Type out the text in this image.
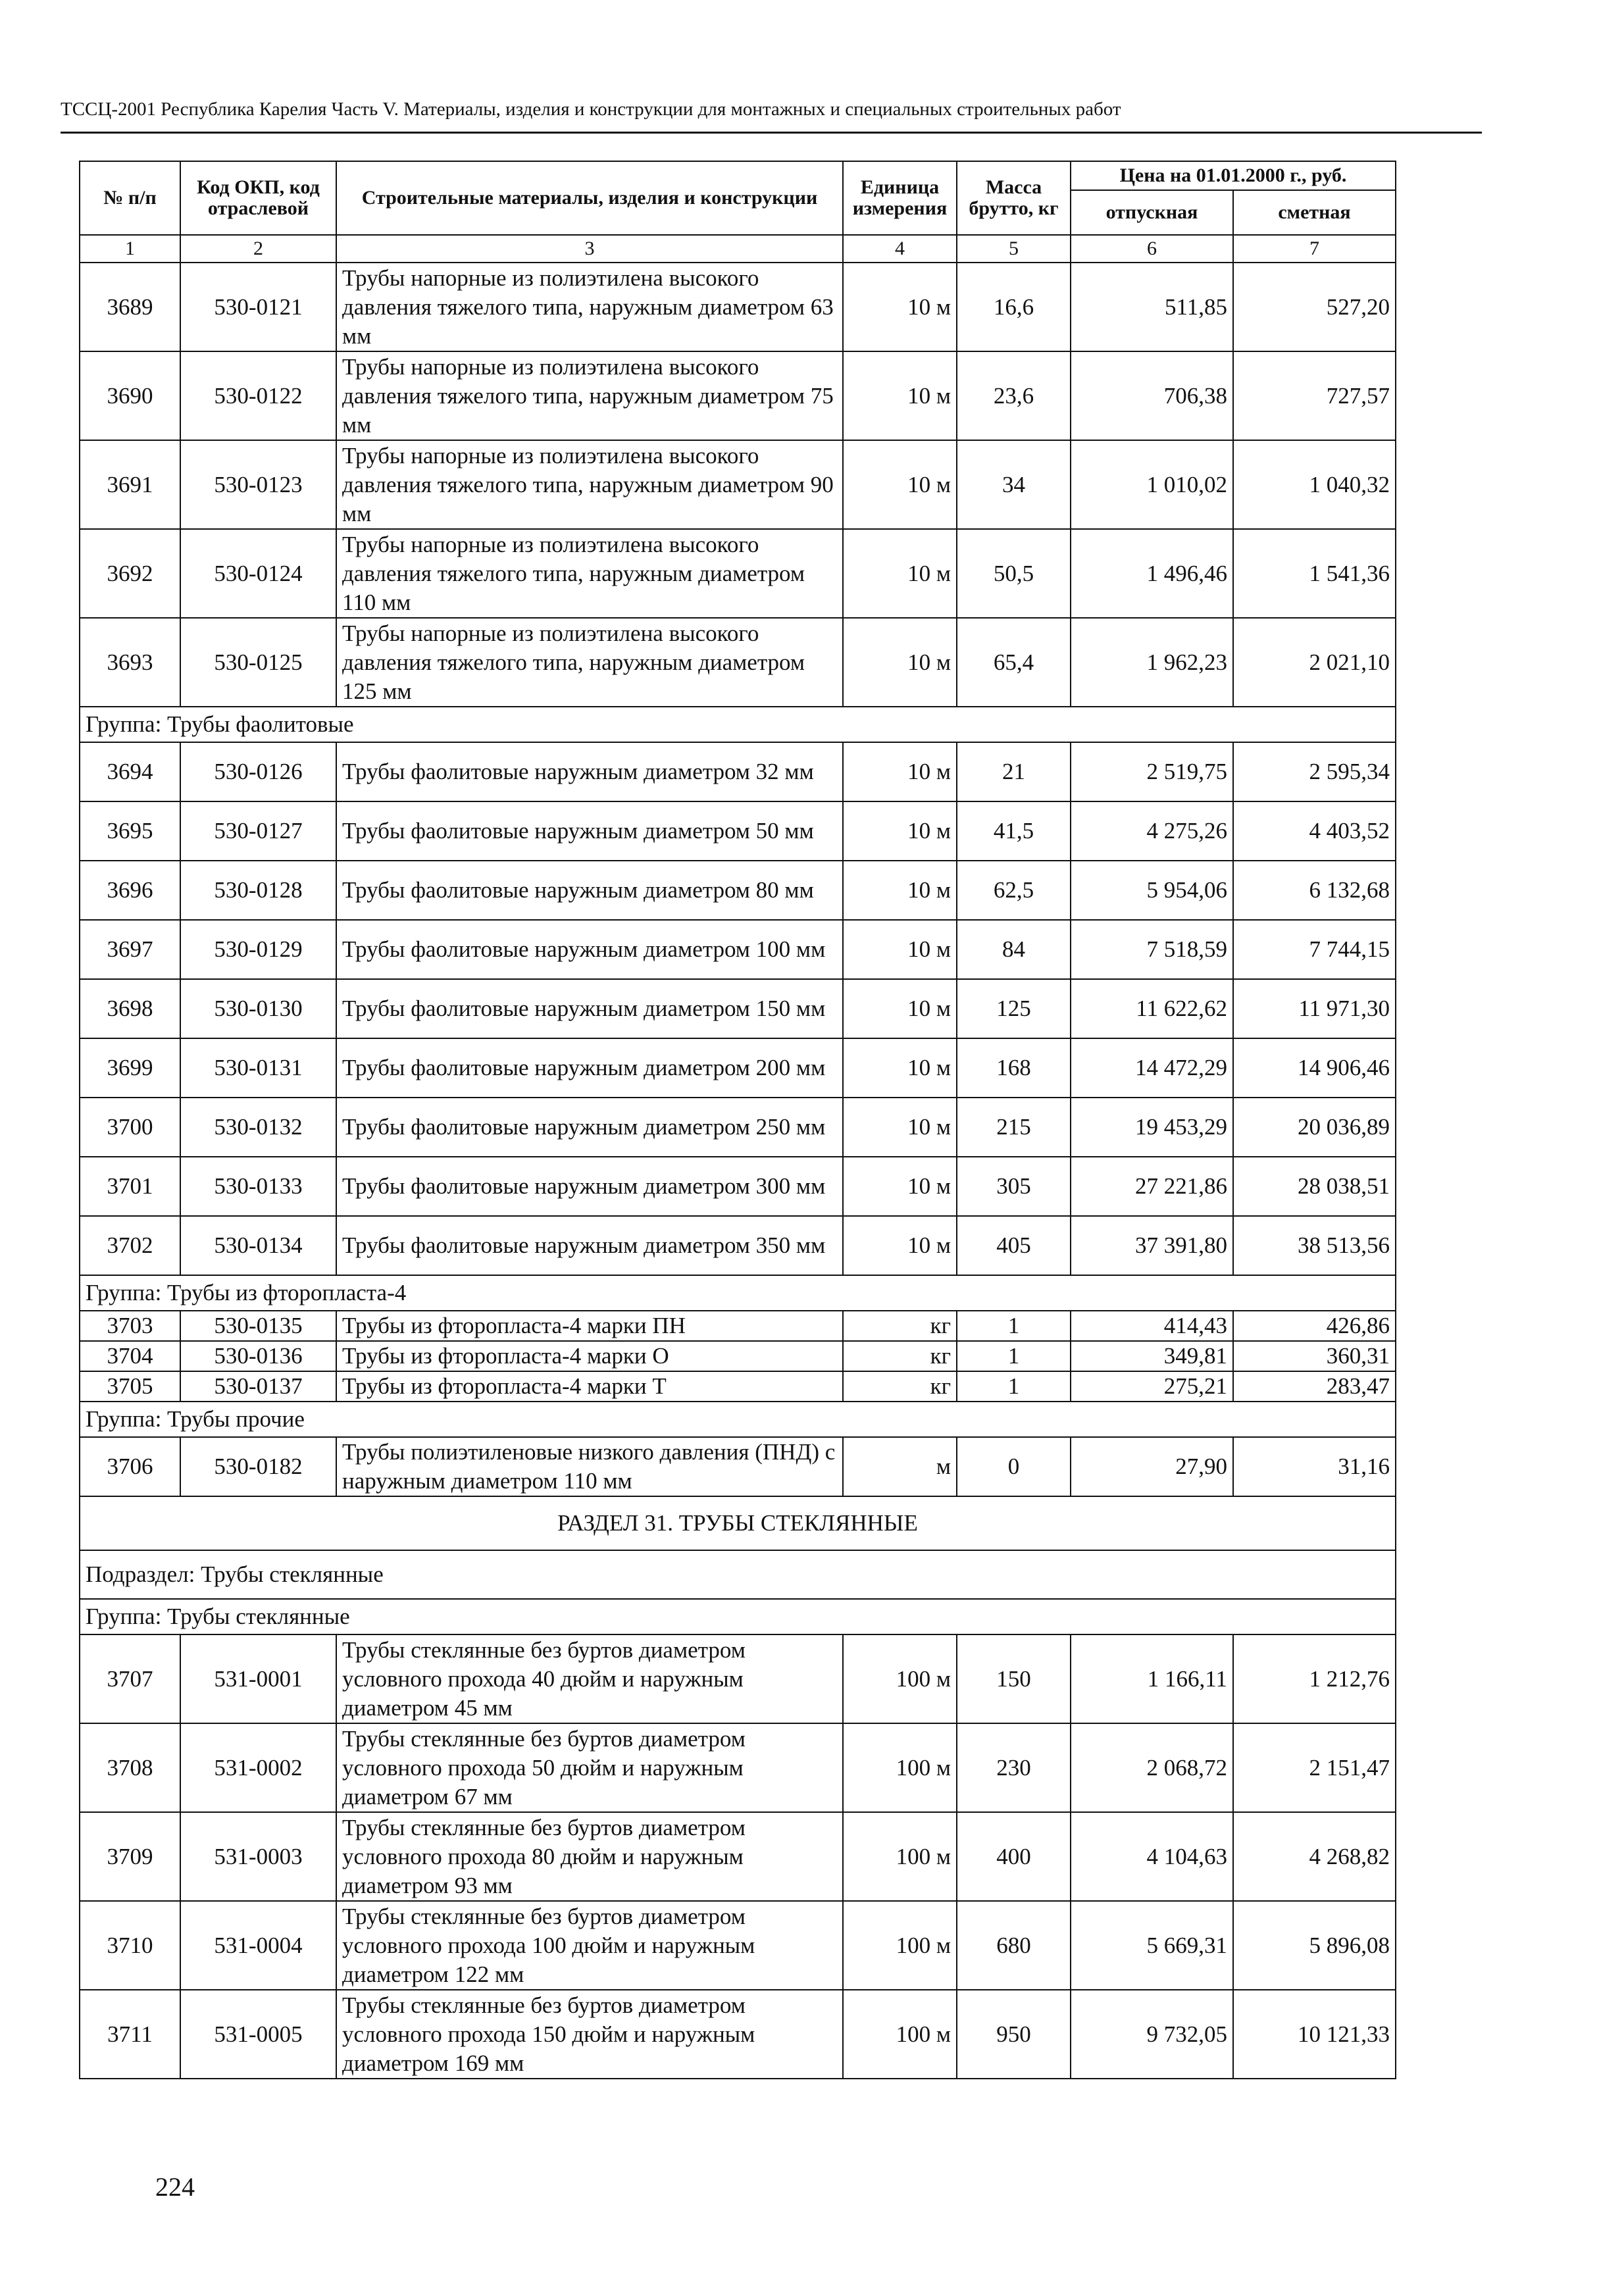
ТССЦ-2001 Республика Карелия Часть V. Материалы, изделия и конструкции для монтажных и специальных строительных работ
№ п/п	Код ОКП, код отраслевой	Строительные материалы, изделия и конструкции	Единица измерения	Масса брутто, кг	Цена на 01.01.2000 г., руб.	
					отпускная	сметная
1	2	3	4	5	6	7
3689	530-0121	Трубы напорные из полиэтилена высокого давления тяжелого типа, наружным диаметром 63 мм	10 м	16,6	511,85	527,20
3690	530-0122	Трубы напорные из полиэтилена высокого давления тяжелого типа, наружным диаметром 75 мм	10 м	23,6	706,38	727,57
3691	530-0123	Трубы напорные из полиэтилена высокого давления тяжелого типа, наружным диаметром 90 мм	10 м	34	1 010,02	1 040,32
3692	530-0124	Трубы напорные из полиэтилена высокого давления тяжелого типа, наружным диаметром 110 мм	10 м	50,5	1 496,46	1 541,36
3693	530-0125	Трубы напорные из полиэтилена высокого давления тяжелого типа, наружным диаметром 125 мм	10 м	65,4	1 962,23	2 021,10
Группа: Трубы фаолитовые						
3694	530-0126	Трубы фаолитовые наружным диаметром 32 мм	10 м	21	2 519,75	2 595,34
3695	530-0127	Трубы фаолитовые наружным диаметром 50 мм	10 м	41,5	4 275,26	4 403,52
3696	530-0128	Трубы фаолитовые наружным диаметром 80 мм	10 м	62,5	5 954,06	6 132,68
3697	530-0129	Трубы фаолитовые наружным диаметром 100 мм	10 м	84	7 518,59	7 744,15
3698	530-0130	Трубы фаолитовые наружным диаметром 150 мм	10 м	125	11 622,62	11 971,30
3699	530-0131	Трубы фаолитовые наружным диаметром 200 мм	10 м	168	14 472,29	14 906,46
3700	530-0132	Трубы фаолитовые наружным диаметром 250 мм	10 м	215	19 453,29	20 036,89
3701	530-0133	Трубы фаолитовые наружным диаметром 300 мм	10 м	305	27 221,86	28 038,51
3702	530-0134	Трубы фаолитовые наружным диаметром 350 мм	10 м	405	37 391,80	38 513,56
Группа: Трубы из фторопласта-4						
3703	530-0135	Трубы из фторопласта-4 марки ПН	кг	1	414,43	426,86
3704	530-0136	Трубы из фторопласта-4 марки О	кг	1	349,81	360,31
3705	530-0137	Трубы из фторопласта-4 марки Т	кг	1	275,21	283,47
Группа: Трубы прочие						
3706	530-0182	Трубы полиэтиленовые низкого давления (ПНД) с наружным диаметром 110 мм	м	0	27,90	31,16
РАЗДЕЛ 31. ТРУБЫ СТЕКЛЯННЫЕ						
Подраздел: Трубы стеклянные						
Группа: Трубы стеклянные						
3707	531-0001	Трубы стеклянные без буртов диаметром условного прохода 40 дюйм и наружным диаметром 45 мм	100 м	150	1 166,11	1 212,76
3708	531-0002	Трубы стеклянные без буртов диаметром условного прохода 50 дюйм и наружным диаметром 67 мм	100 м	230	2 068,72	2 151,47
3709	531-0003	Трубы стеклянные без буртов диаметром условного прохода 80 дюйм и наружным диаметром 93 мм	100 м	400	4 104,63	4 268,82
3710	531-0004	Трубы стеклянные без буртов диаметром условного прохода 100 дюйм и наружным диаметром 122 мм	100 м	680	5 669,31	5 896,08
3711	531-0005	Трубы стеклянные без буртов диаметром условного прохода 150 дюйм и наружным диаметром 169 мм	100 м	950	9 732,05	10 121,33
224
